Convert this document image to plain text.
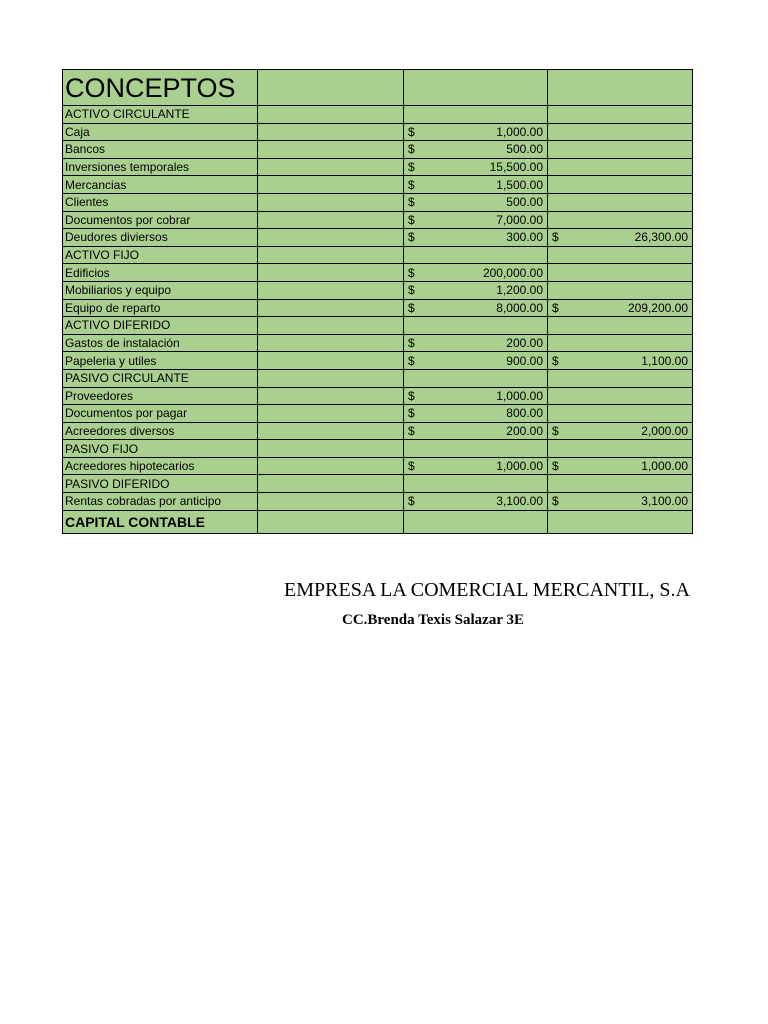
CONCEPTOS			
ACTIVO CIRCULANTE			
Caja		$ 1,000.00	

Bancos		$ 500.00	

Inversiones temporales		$ 15,500.00	

Mercancias		$ 1,500.00	

Clientes		$ 500.00	

Documentos por cobrar		$ 7,000.00	

Deudores diviersos		$ 300.00	$ 26,300.00

ACTIVO FIJO			
Edificios		$ 200,000.00	

Mobiliarios y equipo		$ 1,200.00	

Equipo de reparto		$ 8,000.00	$ 209,200.00

ACTIVO DIFERIDO			
Gastos de instalación		$ 200.00	

Papeleria y utiles		$ 900.00	$ 1,100.00

PASIVO CIRCULANTE			
Proveedores		$ 1,000.00	

Documentos por pagar		$ 800.00	

Acreedores diversos		$ 200.00	$ 2,000.00

PASIVO FIJO			
Acreedores hipotecarios		$ 1,000.00	$ 1,000.00

PASIVO DIFERIDO			
Rentas cobradas por anticipo		$ 3,100.00	$ 3,100.00

CAPITAL CONTABLE			
EMPRESA LA COMERCIAL MERCANTIL, S.A

CC.Brenda Texis Salazar 3E
